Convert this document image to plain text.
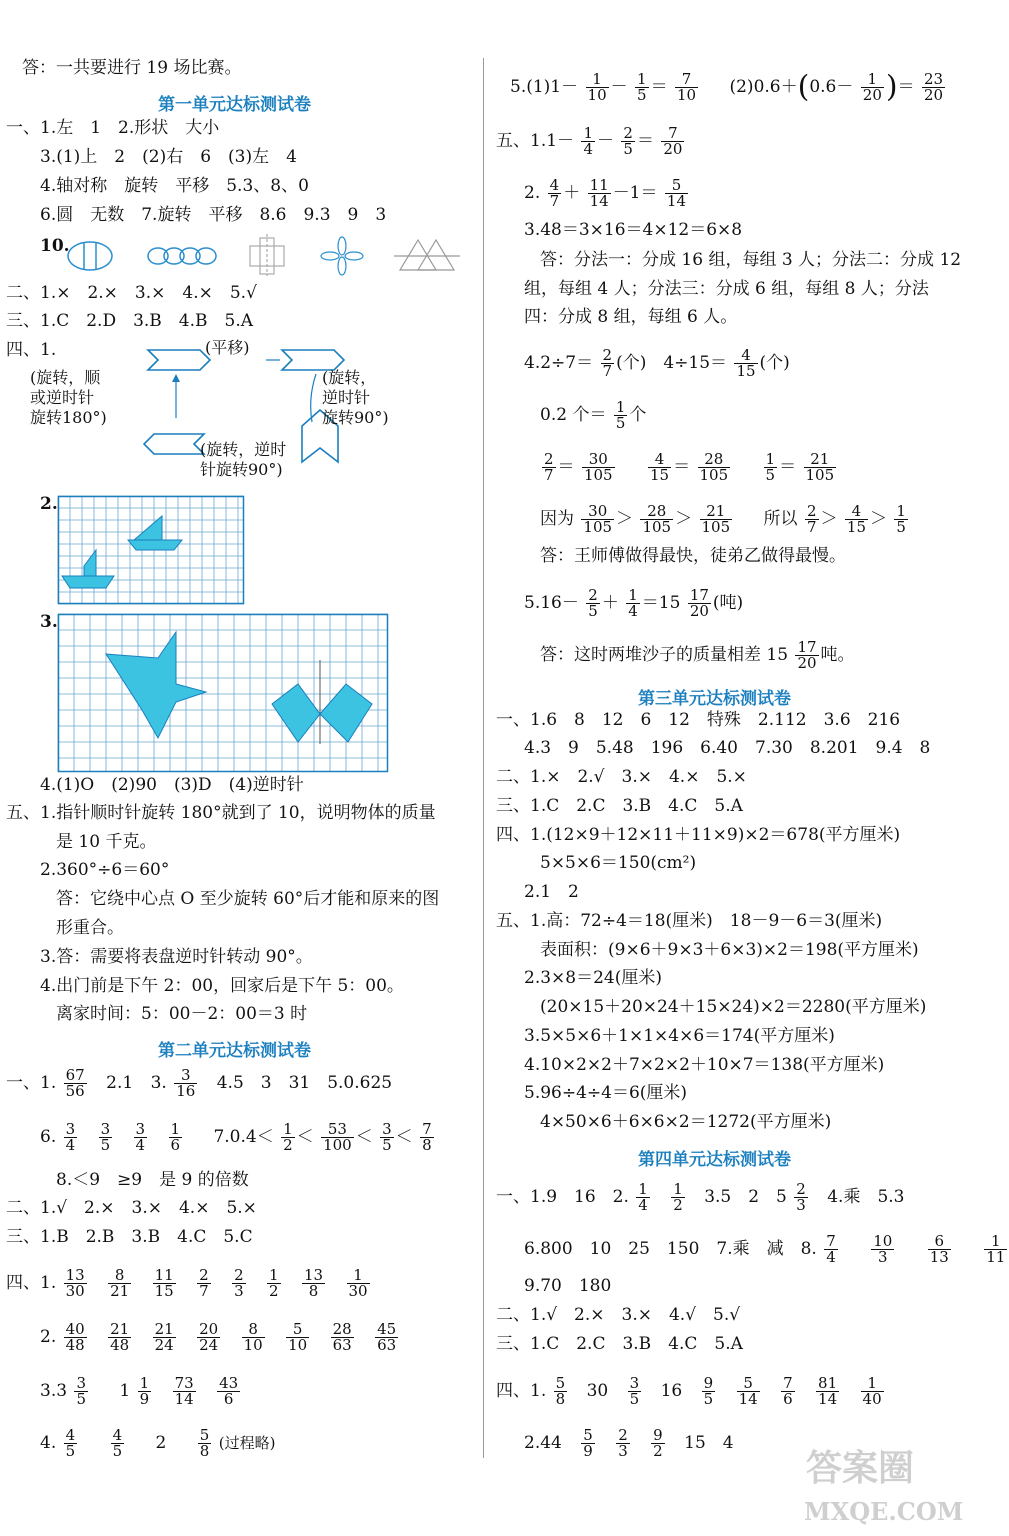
答：一共要进行 19 场比赛。
第一单元达标测试卷
一、1.左　1　2.形状　大小
3.(1)上　2　(2)右　6　(3)左　4
4.轴对称　旋转　平移　5.3、8、0
6.圆　无数　7.旋转　平移　8.6　9.3　9　3
10.
二、1.×　2.×　3.×　4.×　5.√
三、1.C　2.D　3.B　4.B　5.A
四、1.	(平移)
(旋转，顺
或逆时针
旋转180°)
(旋转，
逆时针
旋转90°)
(旋转，逆时
针旋转90°)
2.
3.
4.(1)O　(2)90　(3)D　(4)逆时针
五、1.指针顺时针旋转 180°就到了 10，说明物体的质量
是 10 千克。
2.360°÷6＝60°
答：它绕中心点 O 至少旋转 60°后才能和原来的图
形重合。
3.答：需要将表盘逆时针转动 90°。
4.出门前是下午 2：00，回家后是下午 5：00。
离家时间：5：00－2：00＝3 时
第二单元达标测试卷
一、1. $\frac{67}{56} 2.1$ 3. $\frac{3}{16} 4.5$　3　31　5.0.625
6. $\frac{3}{4}$
$\frac{3}{5}$
$\frac{3}{4}$
$\frac{1}{6} 7.0.4< \frac{1}{2} < \frac{53}{100} < \frac{3}{5} < \frac{7}{8}$
8.＜9　≥9　是 9 的倍数
二、1.√　2.×　3.×　4.×　5.×
三、1.B　2.B　3.B　4.C　5.C
四、1. $\frac{13}{30}$
$\frac{8}{21}$
$\frac{11}{15}$
$\frac{2}{7}$
$\frac{2}{3}$
$\frac{1}{2}$
$\frac{13}{8}$
$\frac{1}{30}$
2. $\frac{40}{48}$
$\frac{21}{48}$
$\frac{21}{24}$
$\frac{20}{24}$
$\frac{8}{10}$
$\frac{5}{10}$
$\frac{28}{63}$
$\frac{45}{63}$
$3.3 \frac{3}{5} 1 \frac{1}{9}$
$\frac{73}{14}$
$\frac{43}{6}$
4. $\frac{4}{5}$
$\frac{4}{5} 2 \frac{5}{8}$ (过程略)
$5.(1)1- \frac{1}{10} - \frac{1}{5} = \frac{7}{10} (2)0.6+(0.6- \frac{1}{20}$ )＝ $\frac{23}{20}$
五、$1.1- \frac{1}{4} - \frac{2}{5} = \frac{7}{20}$
2. $\frac{4}{7} + \frac{11}{14} -1= \frac{5}{14}$
3.48＝3×16＝4×12＝6×8
答：分法一：分成 16 组，每组 3 人；分法二：分成 12
组，每组 4 人；分法三：分成 6 组，每组 8 人；分法
四：分成 8 组，每组 6 人。
$4.2\div 7= \frac{2}{7}$ (个)　$4\div 15= \frac{4}{15}$ (个)
0.2 个＝ $\frac{1}{5}$ 个
$\frac{2}{7} = \frac{30}{105}$
$\frac{4}{15} = \frac{28}{105}$
$\frac{1}{5} = \frac{21}{105}$
因为 $\frac{30}{105} > \frac{28}{105} > \frac{21}{105}$ 所以 $\frac{2}{7} > \frac{4}{15} > \frac{1}{5}$
答：王师傅做得最快，徒弟乙做得最慢。
$5.16- \frac{2}{5} + \frac{1}{4} =15 \frac{17}{20}$ (吨)
答：这时两堆沙子的质量相差 $15 \frac{17}{20}$ 吨。
第三单元达标测试卷
一、1.6　8　12　6　12　特殊　2.112　3.6　216
4.3　9　5.48　196　6.40　7.30　8.201　9.4　8
二、1.×　2.√　3.×　4.×　5.×
三、1.C　2.C　3.B　4.C　5.A
四、1.(12×9＋12×11＋11×9)×2＝678(平方厘米)
5×5×6＝150(cm²)
2.1　2
五、1.高：72÷4＝18(厘米)　18－9－6＝3(厘米)
表面积：(9×6＋9×3＋6×3)×2＝198(平方厘米)
2.3×8＝24(厘米)
(20×15＋20×24＋15×24)×2＝2280(平方厘米)
3.5×5×6＋1×1×4×6＝174(平方厘米)
4.10×2×2＋7×2×2＋10×7＝138(平方厘米)
5.96÷4÷4＝6(厘米)
4×50×6＋6×6×2＝1272(平方厘米)
第四单元达标测试卷
一、1.9　16　2. $\frac{1}{4}$
$\frac{1}{2} 3.5$　2　$5 \frac{2}{3} 4$.乘　5.3
6.800　10　25　150　7.乘　减　8. $\frac{7}{4}$
$\frac{10}{3}$
$\frac{6}{13}$
$\frac{1}{11}$
9.70　180
二、1.√　2.×　3.×　4.√　5.√
三、1.C　2.C　3.B　4.C　5.A
四、1. $\frac{5}{8} 30 \frac{3}{5} 16 \frac{9}{5}$
$\frac{5}{14}$
$\frac{7}{6}$
$\frac{81}{14}$
$\frac{1}{40}$
$2.44 \frac{5}{9}$
$\frac{2}{3}$
$\frac{9}{2} 15$　4
答案圈
MXQE.COM
